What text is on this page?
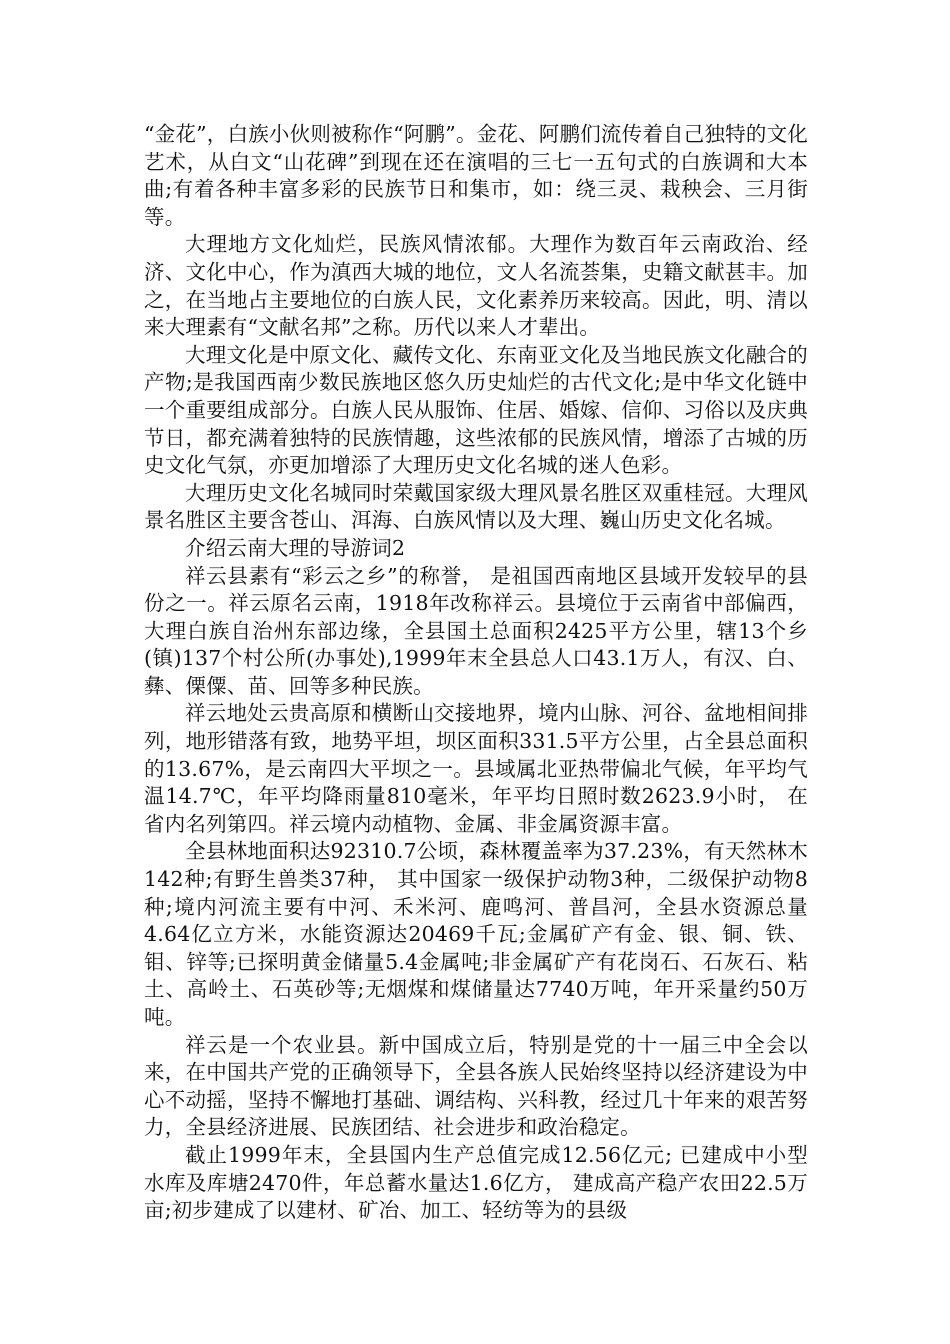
“金花”，白族小伙则被称作“阿鹏”。金花、阿鹏们流传着自己独特的文化艺术，从白文“山花碑”到现在还在演唱的三七一五句式的白族调和大本曲;有着各种丰富多彩的民族节日和集市，如：绕三灵、栽秧会、三月街等。

大理地方文化灿烂，民族风情浓郁。大理作为数百年云南政治、经济、文化中心，作为滇西大城的地位，文人名流荟集，史籍文献甚丰。加之，在当地占主要地位的白族人民，文化素养历来较高。因此，明、清以来大理素有“文献名邦”之称。历代以来人才辈出。

大理文化是中原文化、藏传文化、东南亚文化及当地民族文化融合的产物;是我国西南少数民族地区悠久历史灿烂的古代文化;是中华文化链中一个重要组成部分。白族人民从服饰、住居、婚嫁、信仰、习俗以及庆典节日，都充满着独特的民族情趣，这些浓郁的民族风情，增添了古城的历史文化气氛，亦更加增添了大理历史文化名城的迷人色彩。

大理历史文化名城同时荣戴国家级大理风景名胜区双重桂冠。大理风景名胜区主要含苍山、洱海、白族风情以及大理、巍山历史文化名城。

介绍云南大理的导游词2

祥云县素有“彩云之乡”的称誉， 是祖国西南地区县域开发较早的县份之一。祥云原名云南，1918年改称祥云。县境位于云南省中部偏西，大理白族自治州东部边缘，全县国土总面积2425平方公里，辖13个乡(镇)137个村公所(办事处),1999年末全县总人口43.1万人，有汉、白、彝、傈僳、苗、回等多种民族。

祥云地处云贵高原和横断山交接地界，境内山脉、河谷、盆地相间排列，地形错落有致，地势平坦，坝区面积331.5平方公里，占全县总面积的13.67%，是云南四大平坝之一。县域属北亚热带偏北气候，年平均气温14.7℃，年平均降雨量810毫米，年平均日照时数2623.9小时， 在省内名列第四。祥云境内动植物、金属、非金属资源丰富。

全县林地面积达92310.7公顷，森林覆盖率为37.23%，有天然林木142种;有野生兽类37种， 其中国家一级保护动物3种，二级保护动物8种;境内河流主要有中河、禾米河、鹿鸣河、普昌河，全县水资源总量4.64亿立方米，水能资源达20469千瓦;金属矿产有金、银、铜、铁、钼、锌等;已探明黄金储量5.4金属吨;非金属矿产有花岗石、石灰石、粘土、高岭土、石英砂等;无烟煤和煤储量达7740万吨，年开采量约50万吨。

祥云是一个农业县。新中国成立后，特别是党的十一届三中全会以来，在中国共产党的正确领导下，全县各族人民始终坚持以经济建设为中心不动摇，坚持不懈地打基础、调结构、兴科教，经过几十年来的艰苦努力，全县经济进展、民族团结、社会进步和政治稳定。

截止1999年末，全县国内生产总值完成12.56亿元; 已建成中小型水库及库塘2470件，年总蓄水量达1.6亿方， 建成高产稳产农田22.5万亩;初步建成了以建材、矿冶、加工、轻纺等为的县级
